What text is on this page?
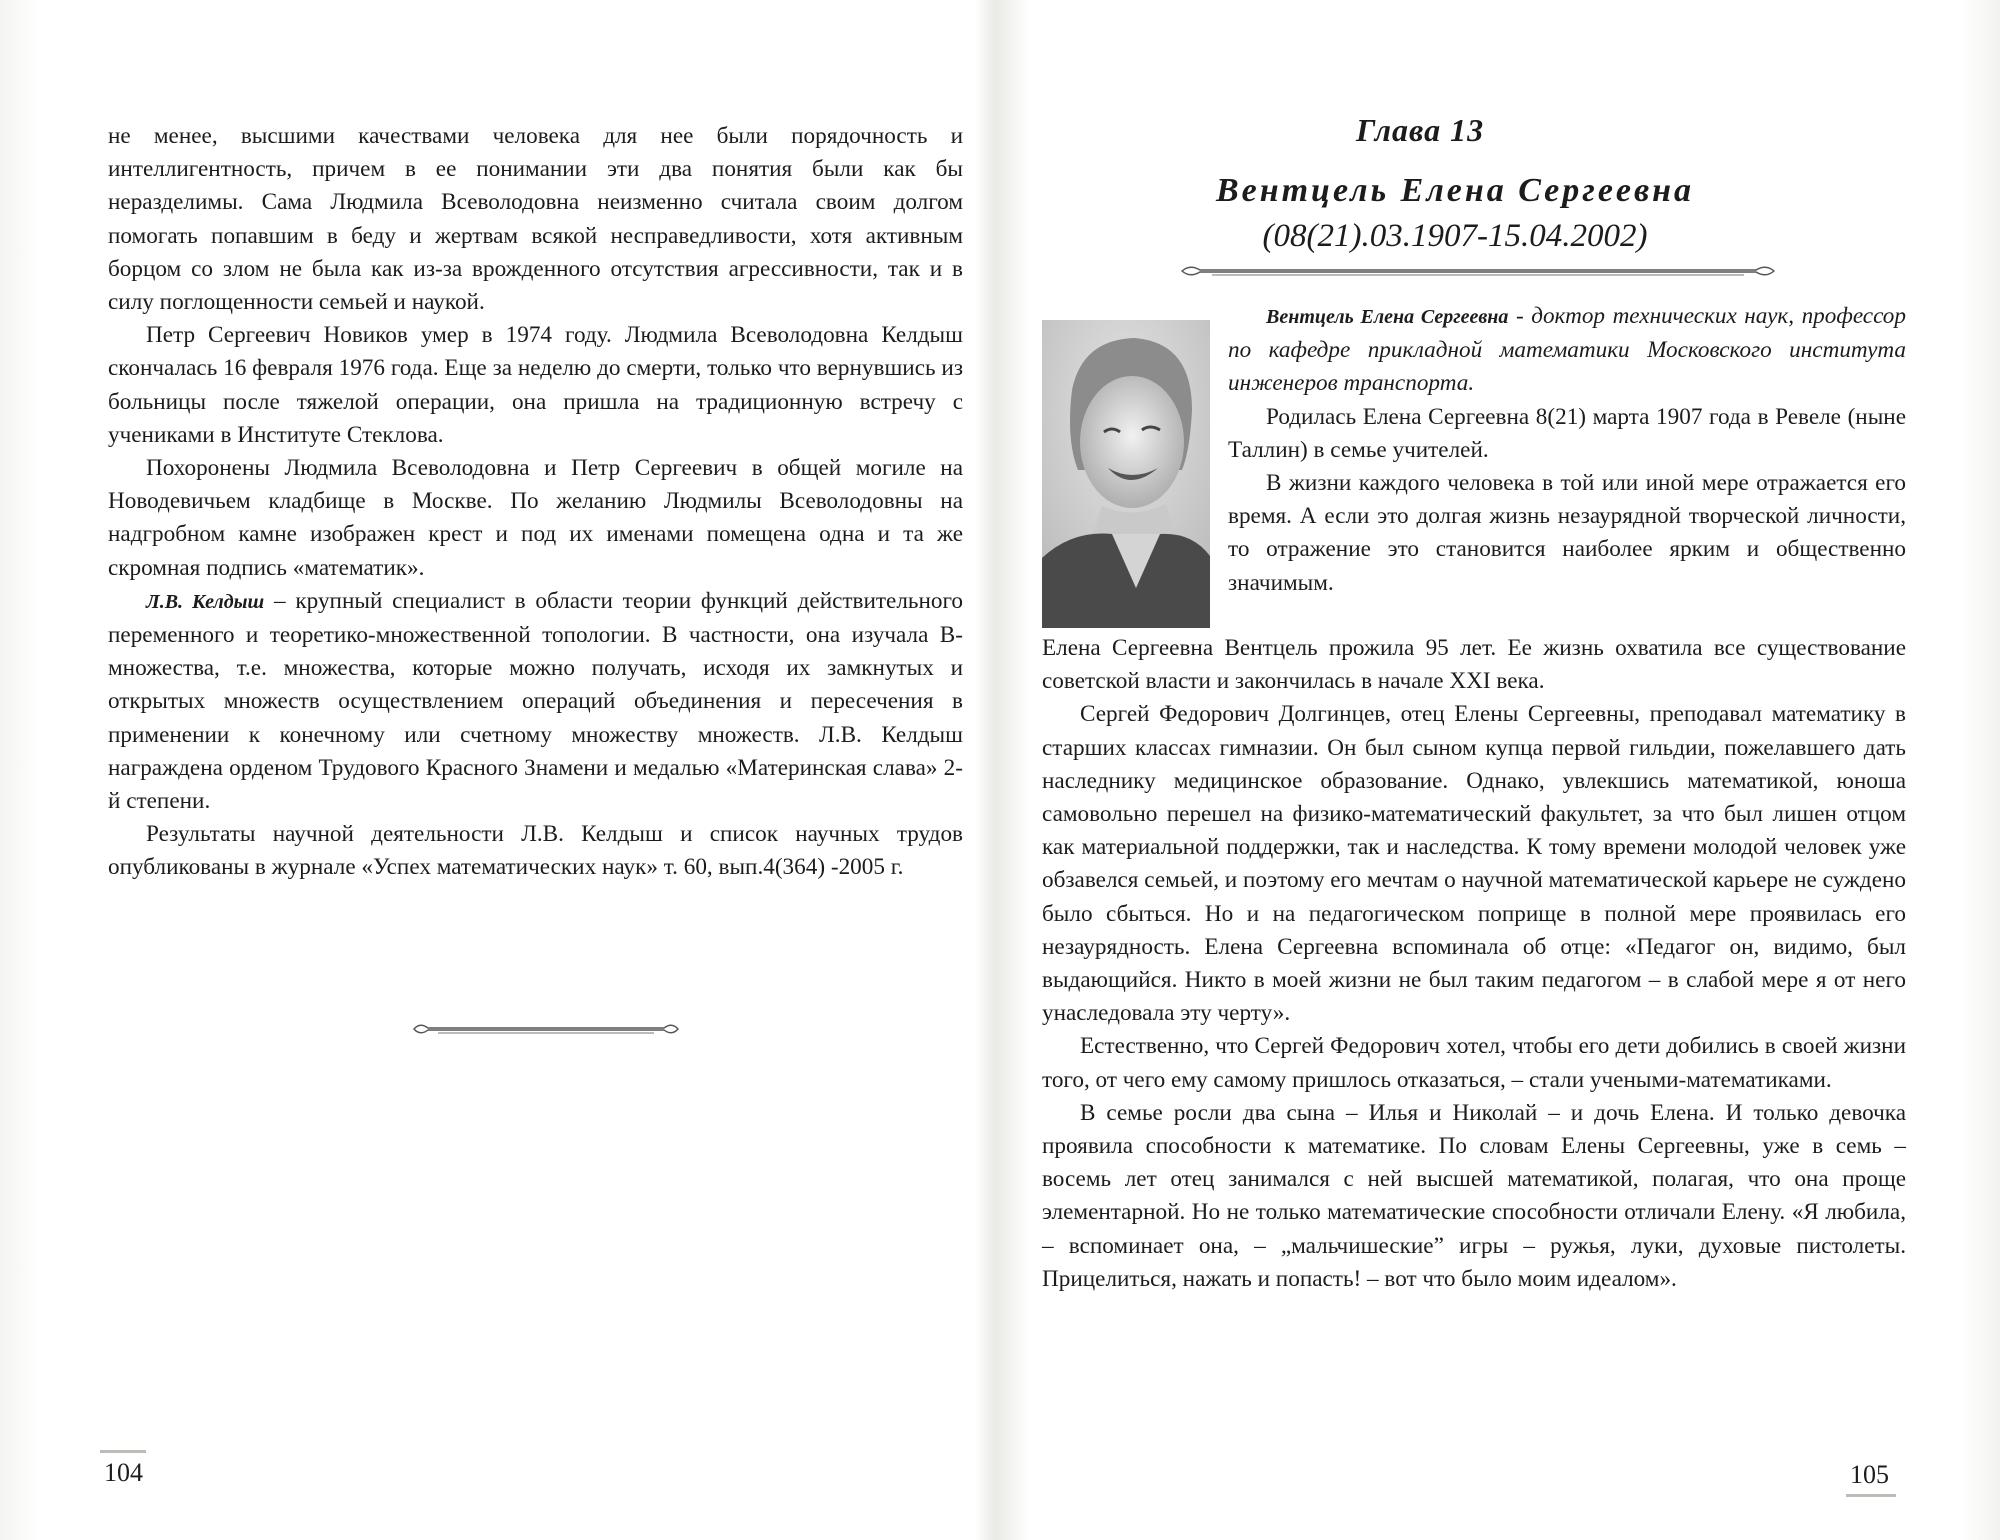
не менее, высшими качествами человека для нее были порядочность и интеллигентность, причем в ее понимании эти два понятия были как бы неразделимы. Сама Людмила Всеволодовна неизменно считала своим долгом помогать попавшим в беду и жертвам всякой несправедливости, хотя активным борцом со злом не была как из-за врожденного отсутствия агрессивности, так и в силу поглощенности семьей и наукой.

Петр Сергеевич Новиков умер в 1974 году. Людмила Всеволодовна Келдыш скончалась 16 февраля 1976 года. Еще за неделю до смерти, только что вернувшись из больницы после тяжелой операции, она пришла на традиционную встречу с учениками в Институте Стеклова.

Похоронены Людмила Всеволодовна и Петр Сергеевич в общей могиле на Новодевичьем кладбище в Москве. По желанию Людмилы Всеволодовны на надгробном камне изображен крест и под их именами помещена одна и та же скромная подпись «математик».

Л.В. Келдыш – крупный специалист в области теории функций действительного переменного и теоретико-множественной топологии. В частности, она изучала B-множества, т.е. множества, которые можно получать, исходя их замкнутых и открытых множеств осуществлением операций объединения и пересечения в применении к конечному или счетному множеству множеств. Л.В. Келдыш награждена орденом Трудового Красного Знамени и медалью «Материнская слава» 2-й степени.

Результаты научной деятельности Л.В. Келдыш и список научных трудов опубликованы в журнале «Успех математических наук» т. 60, вып.4(364) -2005 г.

104
Глава 13
Вентцель Елена Сергеевна
(08(21).03.1907-15.04.2002)

Вентцель Елена Сергеевна - доктор технических наук, профессор по кафедре прикладной математики Московского института инженеров транспорта.

Родилась Елена Сергеевна 8(21) марта 1907 года в Ревеле (ныне Таллин) в семье учителей.

В жизни каждого человека в той или иной мере отражается его время. А если это долгая жизнь незаурядной творческой личности, то отражение это становится наиболее ярким и общественно значимым.

Елена Сергеевна Вентцель прожила 95 лет. Ее жизнь охватила все существование советской власти и закончилась в начале XXI века.

Сергей Федорович Долгинцев, отец Елены Сергеевны, преподавал математику в старших классах гимназии. Он был сыном купца первой гильдии, пожелавшего дать наследнику медицинское образование. Однако, увлекшись математикой, юноша самовольно перешел на физико-математический факультет, за что был лишен отцом как материальной поддержки, так и наследства. К тому времени молодой человек уже обзавелся семьей, и поэтому его мечтам о научной математической карьере не суждено было сбыться. Но и на педагогическом поприще в полной мере проявилась его незаурядность. Елена Сергеевна вспоминала об отце: «Педагог он, видимо, был выдающийся. Никто в моей жизни не был таким педагогом – в слабой мере я от него унаследовала эту черту».

Естественно, что Сергей Федорович хотел, чтобы его дети добились в своей жизни того, от чего ему самому пришлось отказаться, – стали учеными-математиками.

В семье росли два сына – Илья и Николай – и дочь Елена. И только девочка проявила способности к математике. По словам Елены Сергеевны, уже в семь – восемь лет отец занимался с ней высшей математикой, полагая, что она проще элементарной. Но не только математические способности отличали Елену. «Я любила, – вспоминает она, – „мальчишеские” игры – ружья, луки, духовые пистолеты. Прицелиться, нажать и попасть! – вот что было моим идеалом».

105
